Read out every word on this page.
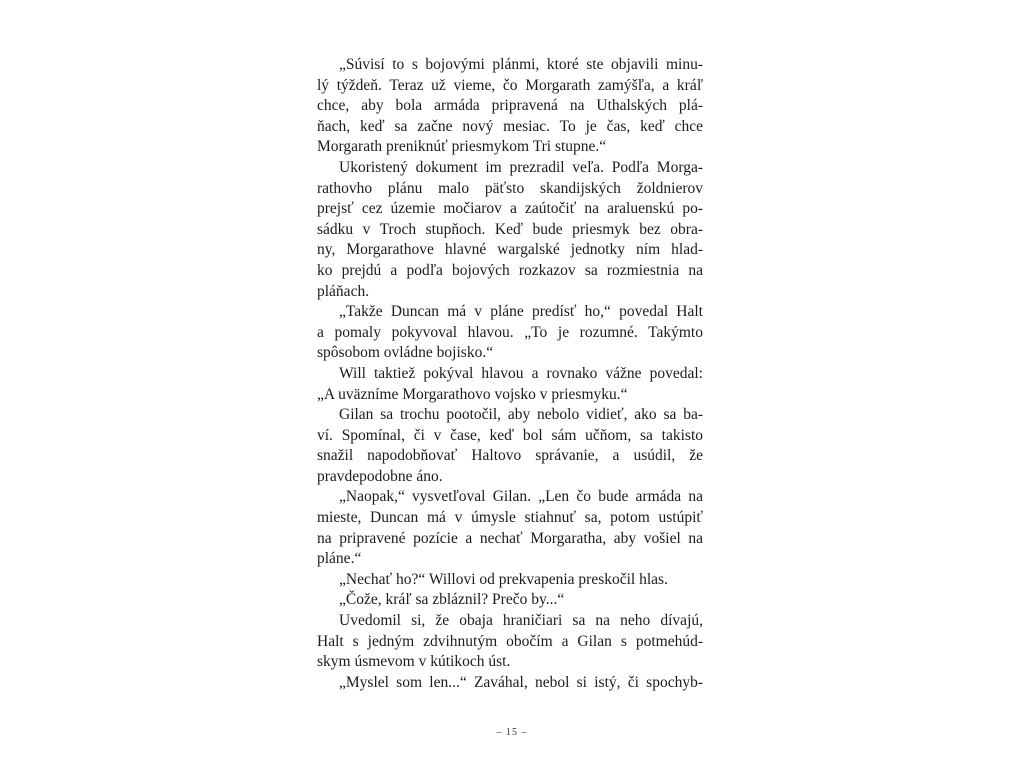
„Súvisí to s bojovými plánmi, ktoré ste objavili minu-
lý týždeň. Teraz už vieme, čo Morgarath zamýšľa, a kráľ
chce, aby bola armáda pripravená na Uthalských plá-
ňach, keď sa začne nový mesiac. To je čas, keď chce
Morgarath preniknúť priesmykom Tri stupne.“
Ukoristený dokument im prezradil veľa. Podľa Morga-
rathovho plánu malo päťsto skandijských žoldnierov
prejsť cez územie močiarov a zaútočiť na araluenskú po-
sádku v Troch stupňoch. Keď bude priesmyk bez obra-
ny, Morgarathove hlavné wargalské jednotky ním hlad-
ko prejdú a podľa bojových rozkazov sa rozmiestnia na
pláňach.
„Takže Duncan má v pláne predísť ho,“ povedal Halt
a pomaly pokyvoval hlavou. „To je rozumné. Takýmto
spôsobom ovládne bojisko.“
Will taktiež pokýval hlavou a rovnako vážne povedal:
„A uväzníme Morgarathovo vojsko v priesmyku.“
Gilan sa trochu pootočil, aby nebolo vidieť, ako sa ba-
ví. Spomínal, či v čase, keď bol sám učňom, sa takisto
snažil napodobňovať Haltovo správanie, a usúdil, že
pravdepodobne áno.
„Naopak,“ vysvetľoval Gilan. „Len čo bude armáda na
mieste, Duncan má v úmysle stiahnuť sa, potom ustúpiť
na pripravené pozície a nechať Morgaratha, aby vošiel na
pláne.“
„Nechať ho?“ Willovi od prekvapenia preskočil hlas.
„Čože, kráľ sa zbláznil? Prečo by...“
Uvedomil si, že obaja hraničiari sa na neho dívajú,
Halt s jedným zdvihnutým obočím a Gilan s potmehúd-
skym úsmevom v kútikoch úst.
„Myslel som len...“ Zaváhal, nebol si istý, či spochyb-
– 15 –
